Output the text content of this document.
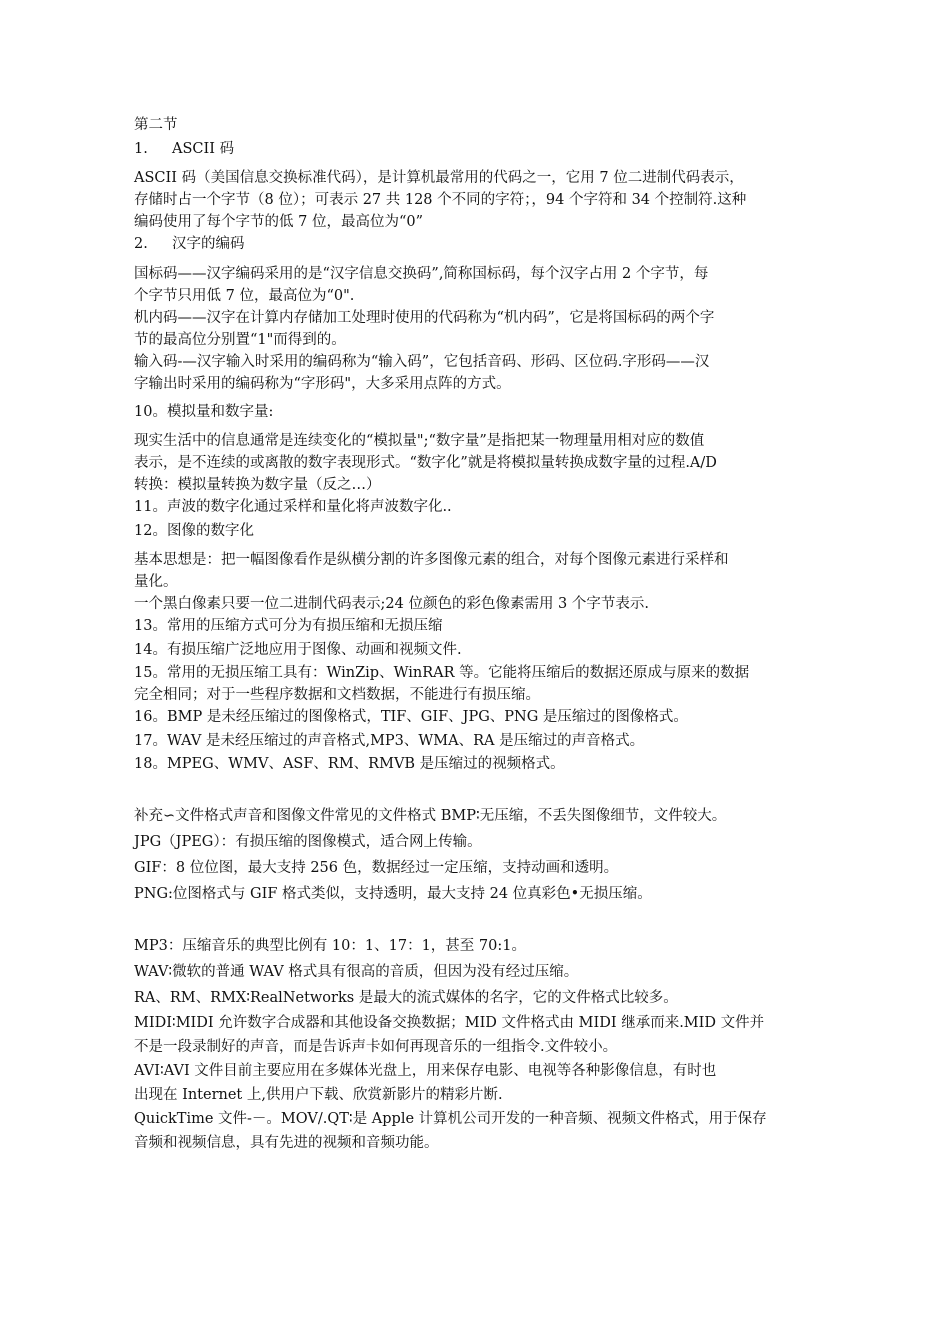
第二节
1.	ASCII 码
ASCII 码（美国信息交换标准代码），是计算机最常用的代码之一，它用 7 位二进制代码表示，
存储时占一个字节（8 位）；可表示 27 共 128 个不同的字符；，94 个字符和 34 个控制符.这种
编码使用了每个字节的低 7 位，最高位为“0”
2.	汉字的编码
国标码——汉字编码采用的是“汉字信息交换码”,简称国标码，每个汉字占用 2 个字节，每
个字节只用低 7 位，最高位为“0".
机内码——汉字在计算内存储加工处理时使用的代码称为“机内码”，它是将国标码的两个字
节的最高位分别置“1"而得到的。
输入码-—汉字输入时采用的编码称为“输入码”，它包括音码、形码、区位码.字形码——汉
字输出时采用的编码称为“字形码"，大多采用点阵的方式。
10。模拟量和数字量:
现实生活中的信息通常是连续变化的“模拟量";“数字量”是指把某一物理量用相对应的数值
表示，是不连续的或离散的数字表现形式。“数字化”就是将模拟量转换成数字量的过程.A/D
转换：模拟量转换为数字量（反之…）
11。声波的数字化通过采样和量化将声波数字化..
12。图像的数字化
基本思想是：把一幅图像看作是纵横分割的许多图像元素的组合，对每个图像元素进行采样和
量化。
一个黑白像素只要一位二进制代码表示;24 位颜色的彩色像素需用 3 个字节表示.
13。常用的压缩方式可分为有损压缩和无损压缩
14。有损压缩广泛地应用于图像、动画和视频文件.
15。常用的无损压缩工具有：WinZip、WinRAR 等。它能将压缩后的数据还原成与原来的数据
完全相同；对于一些程序数据和文档数据，不能进行有损压缩。
16。BMP 是未经压缩过的图像格式，TIF、GIF、JPG、PNG 是压缩过的图像格式。
17。WAV 是未经压缩过的声音格式,MP3、WMA、RA 是压缩过的声音格式。
18。MPEG、WMV、ASF、RM、RMVB 是压缩过的视频格式。
补充∽文件格式声音和图像文件常见的文件格式 BMP∶无压缩，不丢失图像细节，文件较大。
JPG（JPEG）：有损压缩的图像模式，适合网上传输。
GIF：8 位位图，最大支持 256 色，数据经过一定压缩，支持动画和透明。
PNG:位图格式与 GIF 格式类似，支持透明，最大支持 24 位真彩色•无损压缩。
MP3：压缩音乐的典型比例有 10：1、17：1，甚至 70:1。
WAV∶微软的普通 WAV 格式具有很高的音质，但因为没有经过压缩。
RA、RM、RMX∶RealNetworks 是最大的流式媒体的名字，它的文件格式比较多。
MIDI∶MIDI 允许数字合成器和其他设备交换数据；MID 文件格式由 MIDI 继承而来.MID 文件并
不是一段录制好的声音，而是告诉声卡如何再现音乐的一组指令.文件较小。
AVI∶AVI 文件目前主要应用在多媒体光盘上，用来保存电影、电视等各种影像信息，有时也
出现在 Internet 上,供用户下载、欣赏新影片的精彩片断.
QuickTime 文件-－。MOV/.QT∶是 Apple 计算机公司开发的一种音频、视频文件格式，用于保存
音频和视频信息，具有先进的视频和音频功能。
